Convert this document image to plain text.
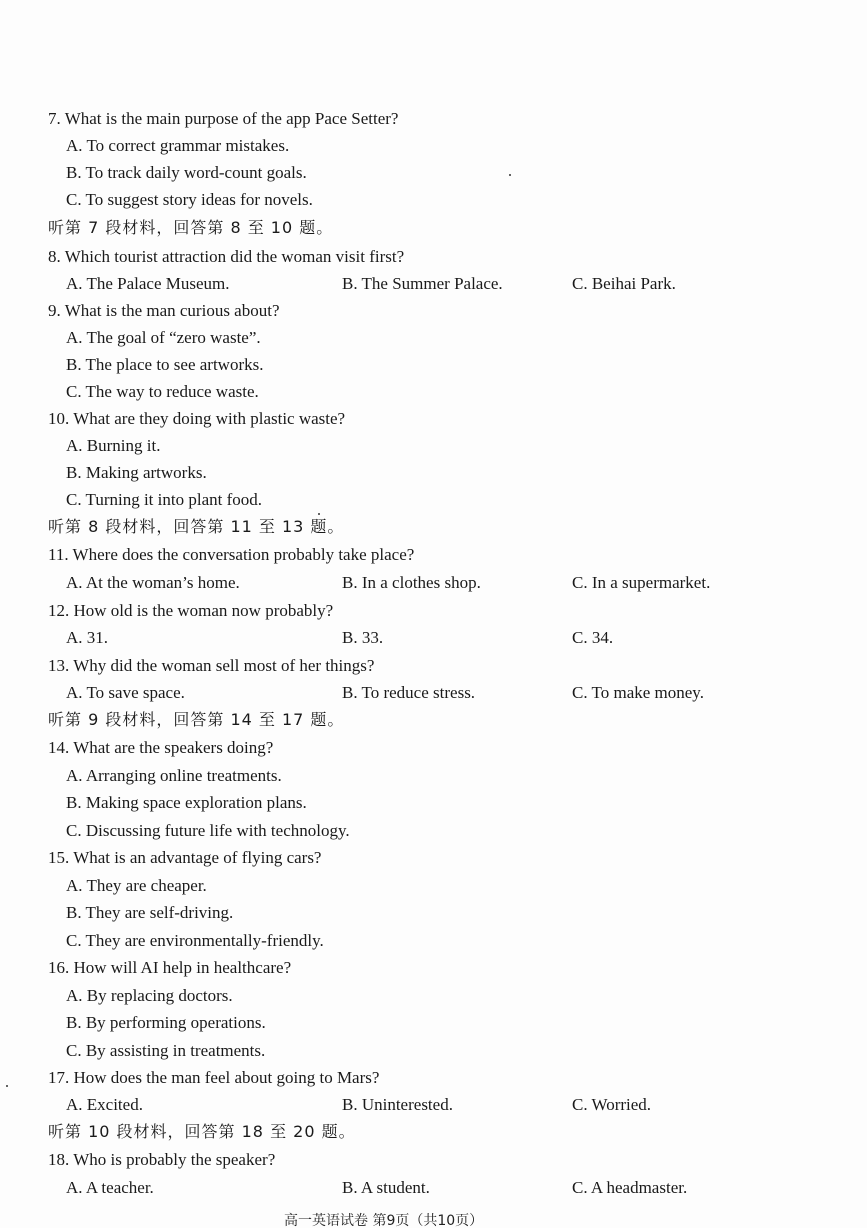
7. What is the main purpose of the app Pace Setter?
A. To correct grammar mistakes.
B. To track daily word-count goals.
C. To suggest story ideas for novels.
听第 7 段材料，回答第 8 至 10 题。
8. Which tourist attraction did the woman visit first?
A. The Palace Museum.	B. The Summer Palace.	C. Beihai Park.
9. What is the man curious about?
A. The goal of “zero waste”.
B. The place to see artworks.
C. The way to reduce waste.
10. What are they doing with plastic waste?
A. Burning it.
B. Making artworks.
C. Turning it into plant food.
听第 8 段材料，回答第 11 至 13 题。
11. Where does the conversation probably take place?
A. At the woman’s home.	B. In a clothes shop.	C. In a supermarket.
12. How old is the woman now probably?
A. 31.	B. 33.	C. 34.
13. Why did the woman sell most of her things?
A. To save space.	B. To reduce stress.	C. To make money.
听第 9 段材料，回答第 14 至 17 题。
14. What are the speakers doing?
A. Arranging online treatments.
B. Making space exploration plans.
C. Discussing future life with technology.
15. What is an advantage of flying cars?
A. They are cheaper.
B. They are self-driving.
C. They are environmentally-friendly.
16. How will AI help in healthcare?
A. By replacing doctors.
B. By performing operations.
C. By assisting in treatments.
17. How does the man feel about going to Mars?
A. Excited.	B. Uninterested.	C. Worried.
听第 10 段材料，回答第 18 至 20 题。
18. Who is probably the speaker?
A. A teacher.	B. A student.	C. A headmaster.
高一英语试卷 第9页（共10页）
